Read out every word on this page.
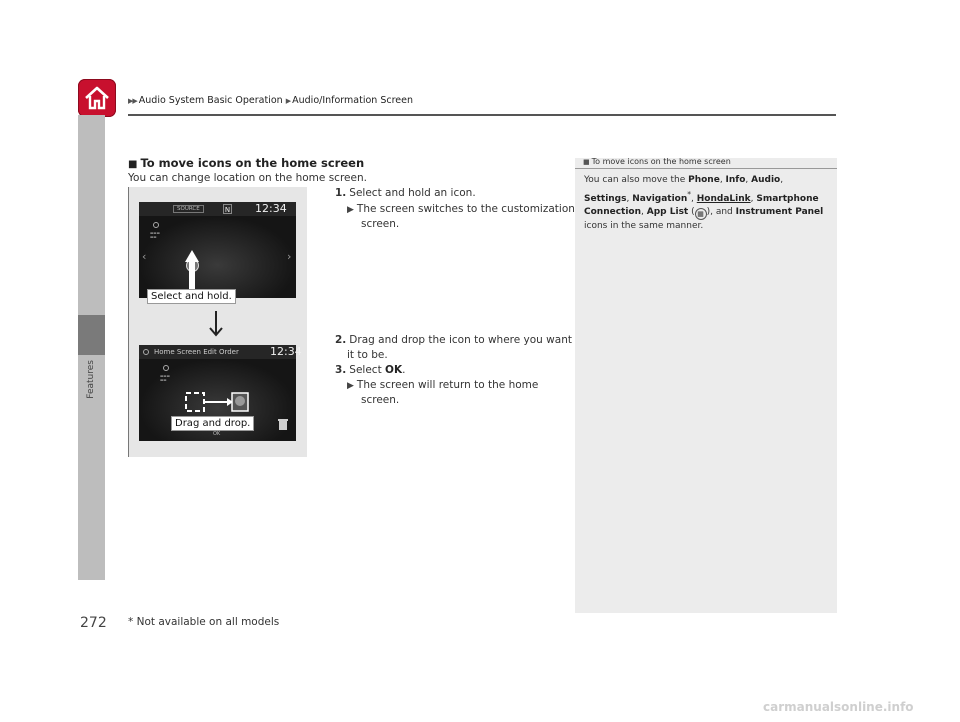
▶▶ Audio System Basic Operation ▶ Audio/Information Screen
Features
■ To move icons on the home screen
You can change location on the home screen.
SOURCE	N 12:34
▬▬▬
▬▬
‹	›
Select and hold.
Home Screen Edit Order	12:34
▬▬▬
▬▬
OK
Drag and drop.
1. Select and hold an icon.
▶ The screen switches to the customization
screen.
2. Drag and drop the icon to where you want
it to be.
3. Select OK.
▶ The screen will return to the home
screen.
■ To move icons on the home screen
You can also move the Phone, Info, Audio,
Settings, Navigation*, HondaLink, Smartphone
Connection, App List ( ▦ ), and Instrument Panel
icons in the same manner.
272 * Not available on all models
carmanualsonline.info
